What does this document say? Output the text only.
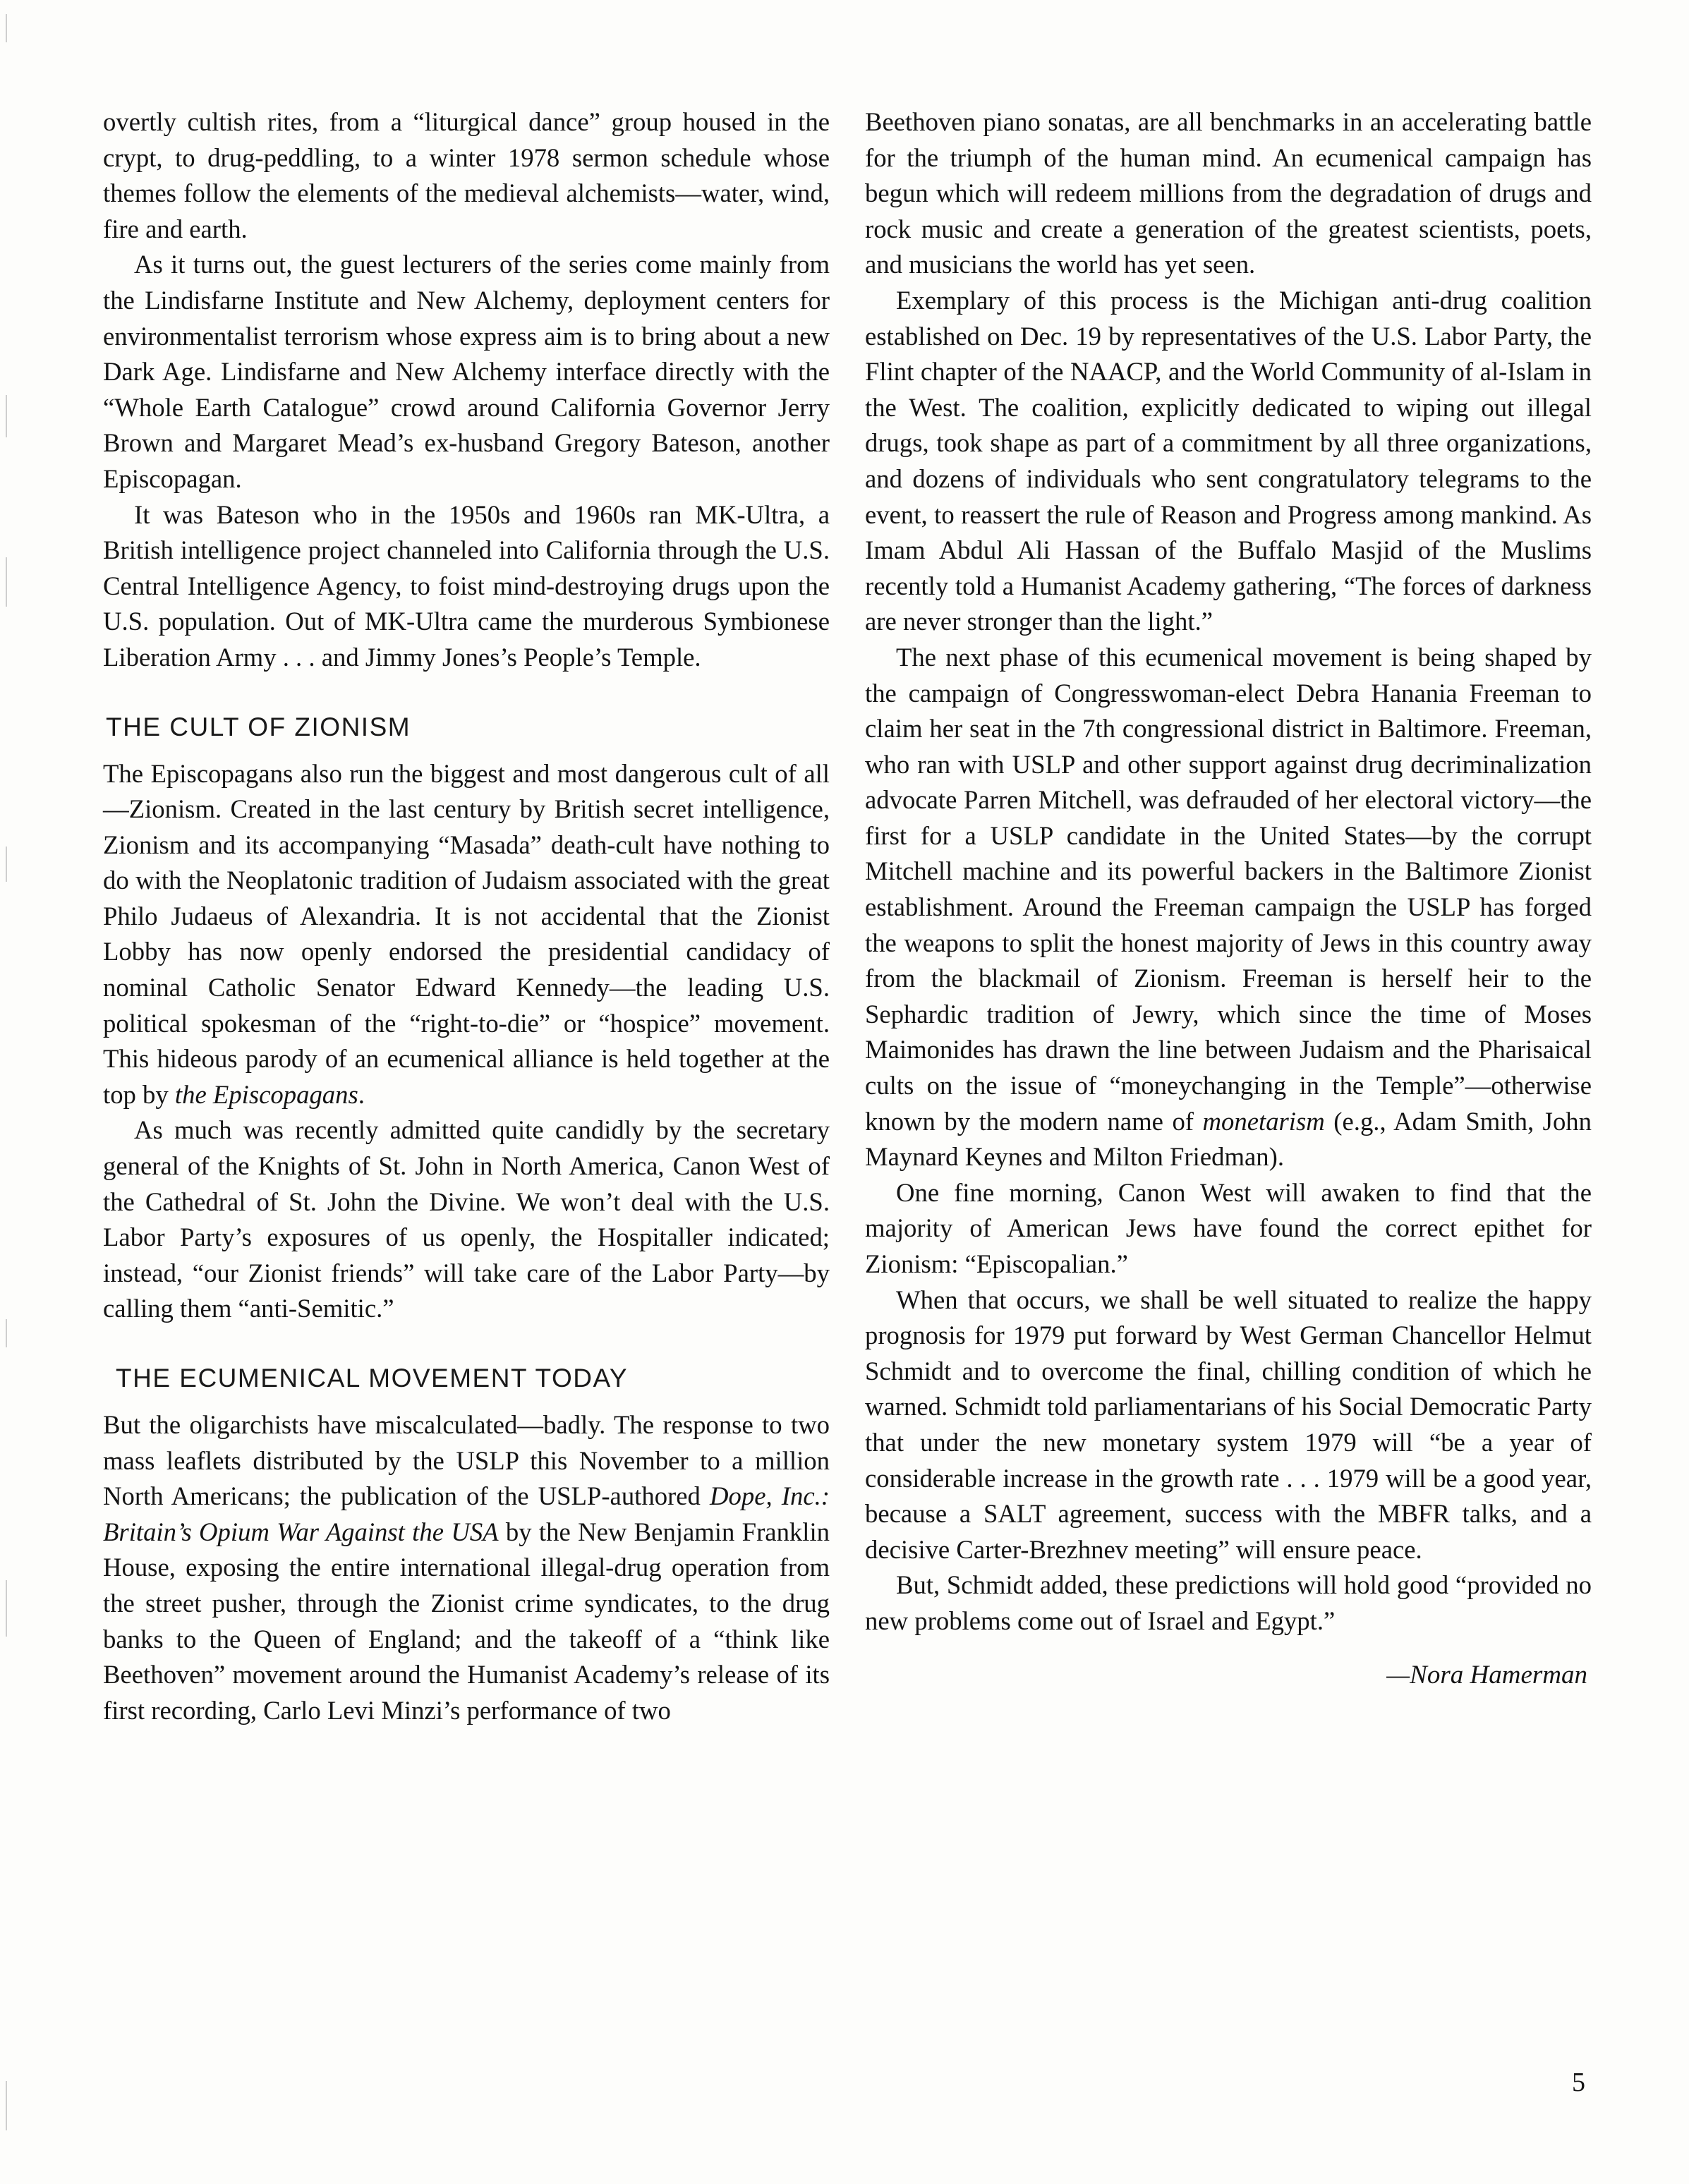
overtly cultish rites, from a “liturgical dance” group housed in the crypt, to drug-peddling, to a winter 1978 sermon schedule whose themes follow the elements of the medieval alchemists—water, wind, fire and earth.

As it turns out, the guest lecturers of the series come mainly from the Lindisfarne Institute and New Alchemy, deployment centers for environmentalist terrorism whose express aim is to bring about a new Dark Age. Lindisfarne and New Alchemy interface directly with the “Whole Earth Catalogue” crowd around California Governor Jerry Brown and Margaret Mead’s ex-husband Gregory Bateson, another Episcopagan.

It was Bateson who in the 1950s and 1960s ran MK-Ultra, a British intelligence project channeled into California through the U.S. Central Intelligence Agency, to foist mind-destroying drugs upon the U.S. population. Out of MK-Ultra came the murderous Symbionese Liberation Army . . . and Jimmy Jones’s People’s Temple.

THE CULT OF ZIONISM

The Episcopagans also run the biggest and most dangerous cult of all—Zionism. Created in the last century by British secret intelligence, Zionism and its accompanying “Masada” death-cult have nothing to do with the Neoplatonic tradition of Judaism associated with the great Philo Judaeus of Alexandria. It is not accidental that the Zionist Lobby has now openly endorsed the presidential candidacy of nominal Catholic Senator Edward Kennedy—the leading U.S. political spokesman of the “right-to-die” or “hospice” movement. This hideous parody of an ecumenical alliance is held together at the top by the Episcopagans.

As much was recently admitted quite candidly by the secretary general of the Knights of St. John in North America, Canon West of the Cathedral of St. John the Divine. We won’t deal with the U.S. Labor Party’s exposures of us openly, the Hospitaller indicated; instead, “our Zionist friends” will take care of the Labor Party—by calling them “anti-Semitic.”

THE ECUMENICAL MOVEMENT TODAY

But the oligarchists have miscalculated—badly. The response to two mass leaflets distributed by the USLP this November to a million North Americans; the publication of the USLP-authored Dope, Inc.: Britain’s Opium War Against the USA by the New Benjamin Franklin House, exposing the entire international illegal-drug operation from the street pusher, through the Zionist crime syndicates, to the drug banks to the Queen of England; and the takeoff of a “think like Beethoven” movement around the Humanist Academy’s release of its first recording, Carlo Levi Minzi’s performance of two

Beethoven piano sonatas, are all benchmarks in an accelerating battle for the triumph of the human mind. An ecumenical campaign has begun which will redeem millions from the degradation of drugs and rock music and create a generation of the greatest scientists, poets, and musicians the world has yet seen.

Exemplary of this process is the Michigan anti-drug coalition established on Dec. 19 by representatives of the U.S. Labor Party, the Flint chapter of the NAACP, and the World Community of al-Islam in the West. The coalition, explicitly dedicated to wiping out illegal drugs, took shape as part of a commitment by all three organizations, and dozens of individuals who sent congratulatory telegrams to the event, to reassert the rule of Reason and Progress among mankind. As Imam Abdul Ali Hassan of the Buffalo Masjid of the Muslims recently told a Humanist Academy gathering, “The forces of darkness are never stronger than the light.”

The next phase of this ecumenical movement is being shaped by the campaign of Congresswoman-elect Debra Hanania Freeman to claim her seat in the 7th congressional district in Baltimore. Freeman, who ran with USLP and other support against drug decriminalization advocate Parren Mitchell, was defrauded of her electoral victory—the first for a USLP candidate in the United States—by the corrupt Mitchell machine and its powerful backers in the Baltimore Zionist establishment. Around the Freeman campaign the USLP has forged the weapons to split the honest majority of Jews in this country away from the blackmail of Zionism. Freeman is herself heir to the Sephardic tradition of Jewry, which since the time of Moses Maimonides has drawn the line between Judaism and the Pharisaical cults on the issue of “moneychanging in the Temple”—otherwise known by the modern name of monetarism (e.g., Adam Smith, John Maynard Keynes and Milton Friedman).

One fine morning, Canon West will awaken to find that the majority of American Jews have found the correct epithet for Zionism: “Episcopalian.”

When that occurs, we shall be well situated to realize the happy prognosis for 1979 put forward by West German Chancellor Helmut Schmidt and to overcome the final, chilling condition of which he warned. Schmidt told parliamentarians of his Social Democratic Party that under the new monetary system 1979 will “be a year of considerable increase in the growth rate . . . 1979 will be a good year, because a SALT agreement, success with the MBFR talks, and a decisive Carter-Brezhnev meeting” will ensure peace.

But, Schmidt added, these predictions will hold good “provided no new problems come out of Israel and Egypt.”

—Nora Hamerman
5
